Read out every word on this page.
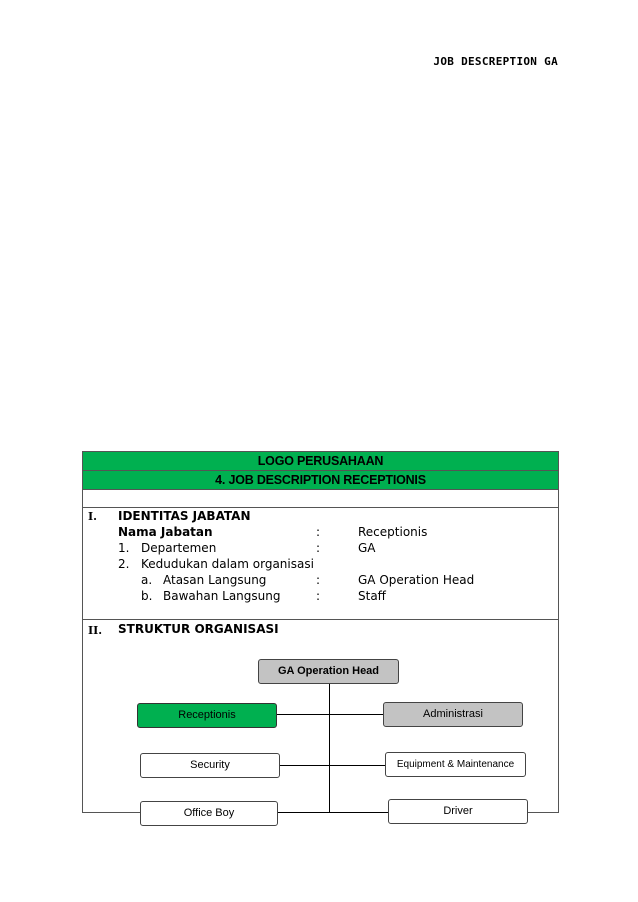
JOB DESCREPTION GA
LOGO PERUSAHAAN
4. JOB DESCRIPTION RECEPTIONIS
I. IDENTITAS JABATAN
Nama Jabatan	:	Receptionis
1. Departemen	:	GA
2. Kedudukan dalam organisasi
a. Atasan Langsung	:	GA Operation Head
b. Bawahan Langsung	:	Staff
II. STRUKTUR ORGANISASI
GA Operation Head
Receptionis	Administrasi
Security	Equipment & Maintenance
Office Boy	Driver
